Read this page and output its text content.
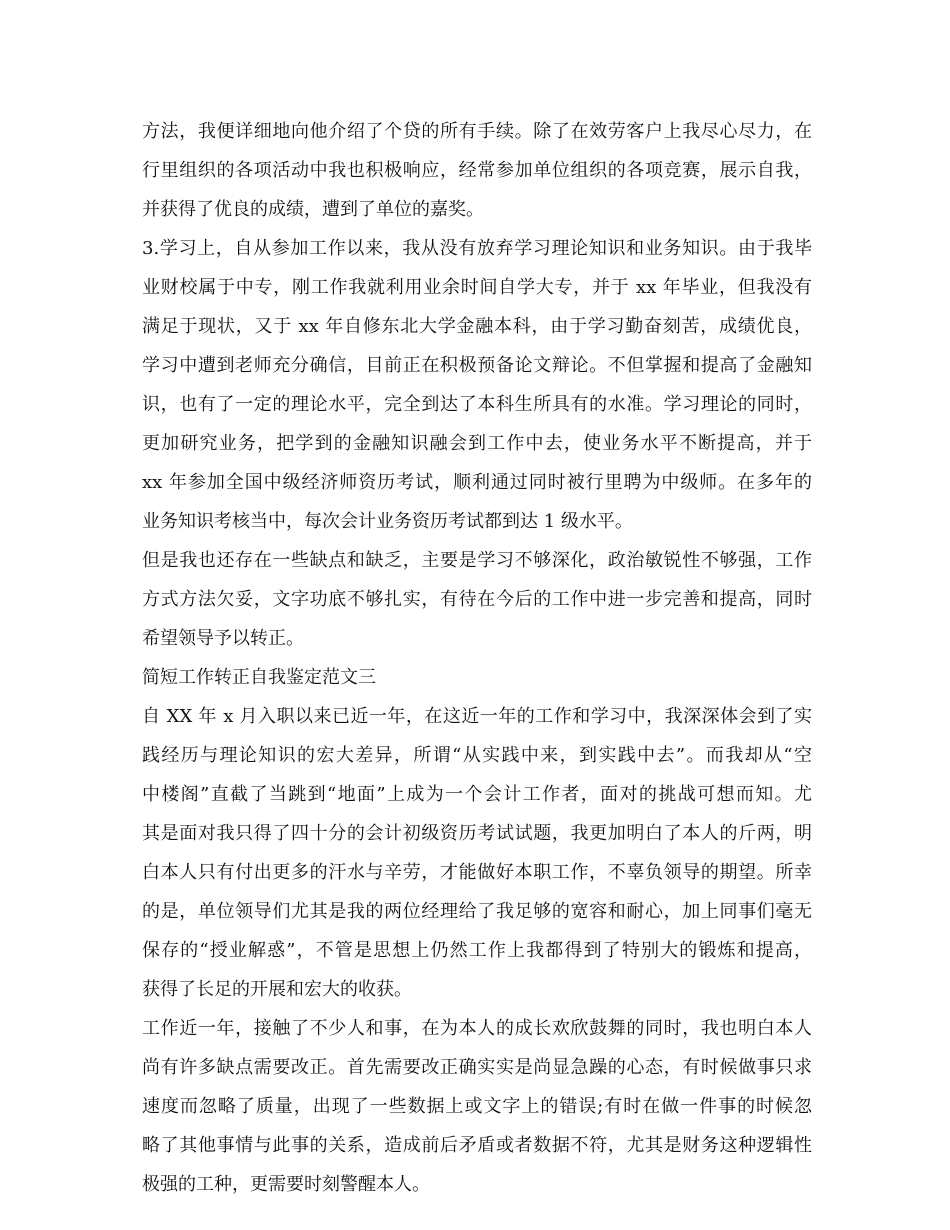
方法，我便详细地向他介绍了个贷的所有手续。除了在效劳客户上我尽心尽力，在
行里组织的各项活动中我也积极响应，经常参加单位组织的各项竞赛，展示自我，
并获得了优良的成绩，遭到了单位的嘉奖。
3.学习上，自从参加工作以来，我从没有放弃学习理论知识和业务知识。由于我毕
业财校属于中专，刚工作我就利用业余时间自学大专，并于 xx 年毕业，但我没有
满足于现状，又于 xx 年自修东北大学金融本科，由于学习勤奋刻苦，成绩优良，
学习中遭到老师充分确信，目前正在积极预备论文辩论。不但掌握和提高了金融知
识，也有了一定的理论水平，完全到达了本科生所具有的水准。学习理论的同时，
更加研究业务，把学到的金融知识融会到工作中去，使业务水平不断提高，并于
xx 年参加全国中级经济师资历考试，顺利通过同时被行里聘为中级师。在多年的
业务知识考核当中，每次会计业务资历考试都到达 1 级水平。
但是我也还存在一些缺点和缺乏，主要是学习不够深化，政治敏锐性不够强，工作
方式方法欠妥，文字功底不够扎实，有待在今后的工作中进一步完善和提高，同时
希望领导予以转正。
简短工作转正自我鉴定范文三
自 XX 年 x 月入职以来已近一年，在这近一年的工作和学习中，我深深体会到了实
践经历与理论知识的宏大差异，所谓“从实践中来，到实践中去”。而我却从“空
中楼阁”直截了当跳到“地面”上成为一个会计工作者，面对的挑战可想而知。尤
其是面对我只得了四十分的会计初级资历考试试题，我更加明白了本人的斤两，明
白本人只有付出更多的汗水与辛劳，才能做好本职工作，不辜负领导的期望。所幸
的是，单位领导们尤其是我的两位经理给了我足够的宽容和耐心，加上同事们毫无
保存的“授业解惑”，不管是思想上仍然工作上我都得到了特别大的锻炼和提高，
获得了长足的开展和宏大的收获。
工作近一年，接触了不少人和事，在为本人的成长欢欣鼓舞的同时，我也明白本人
尚有许多缺点需要改正。首先需要改正确实实是尚显急躁的心态，有时候做事只求
速度而忽略了质量，出现了一些数据上或文字上的错误;有时在做一件事的时候忽
略了其他事情与此事的关系，造成前后矛盾或者数据不符，尤其是财务这种逻辑性
极强的工种，更需要时刻警醒本人。
